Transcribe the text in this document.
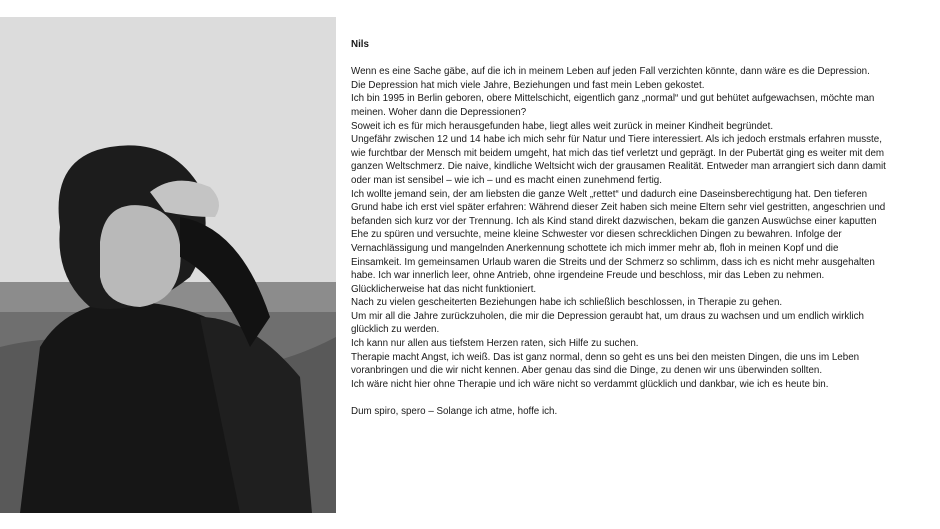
Nils

Wenn es eine Sache gäbe, auf die ich in meinem Leben auf jeden Fall verzichten könnte, dann wäre es die Depression.

Die Depression hat mich viele Jahre, Beziehungen und fast mein Leben gekostet.

Ich bin 1995 in Berlin geboren, obere Mittelschicht, eigentlich ganz „normal“ und gut behütet aufgewachsen, möchte man meinen. Woher dann die Depressionen?

Soweit ich es für mich herausgefunden habe, liegt alles weit zurück in meiner Kindheit begründet.

Ungefähr zwischen 12 und 14 habe ich mich sehr für Natur und Tiere interessiert. Als ich jedoch erstmals erfahren musste, wie furchtbar der Mensch mit beidem umgeht, hat mich das tief verletzt und geprägt. In der Pubertät ging es weiter mit dem ganzen Weltschmerz. Die naive, kindliche Weltsicht wich der grausamen Realität. Entweder man arrangiert sich dann damit oder man ist sensibel – wie ich – und es macht einen zunehmend fertig.

Ich wollte jemand sein, der am liebsten die ganze Welt „rettet“ und dadurch eine Daseinsberechtigung hat. Den tieferen Grund habe ich erst viel später erfahren: Während dieser Zeit haben sich meine Eltern sehr viel gestritten, angeschrien und befanden sich kurz vor der Trennung. Ich als Kind stand direkt dazwischen, bekam die ganzen Auswüchse einer kaputten Ehe zu spüren und versuchte, meine kleine Schwester vor diesen schrecklichen Dingen zu bewahren. Infolge der Vernachlässigung und mangelnden Anerkennung schottete ich mich immer mehr ab, floh in meinen Kopf und die Einsamkeit. Im gemeinsamen Urlaub waren die Streits und der Schmerz so schlimm, dass ich es nicht mehr ausgehalten habe. Ich war innerlich leer, ohne Antrieb, ohne irgendeine Freude und beschloss, mir das Leben zu nehmen.

Glücklicherweise hat das nicht funktioniert.

Nach zu vielen gescheiterten Beziehungen habe ich schließlich beschlossen, in Therapie zu gehen.

Um mir all die Jahre zurückzuholen, die mir die Depression geraubt hat, um draus zu wachsen und um endlich wirklich glücklich zu werden.

Ich kann nur allen aus tiefstem Herzen raten, sich Hilfe zu suchen.

Therapie macht Angst, ich weiß. Das ist ganz normal, denn so geht es uns bei den meisten Dingen, die uns im Leben voranbringen und die wir nicht kennen. Aber genau das sind die Dinge, zu denen wir uns überwinden sollten.

Ich wäre nicht hier ohne Therapie und ich wäre nicht so verdammt glücklich und dankbar, wie ich es heute bin.

Dum spiro, spero – Solange ich atme, hoffe ich.
